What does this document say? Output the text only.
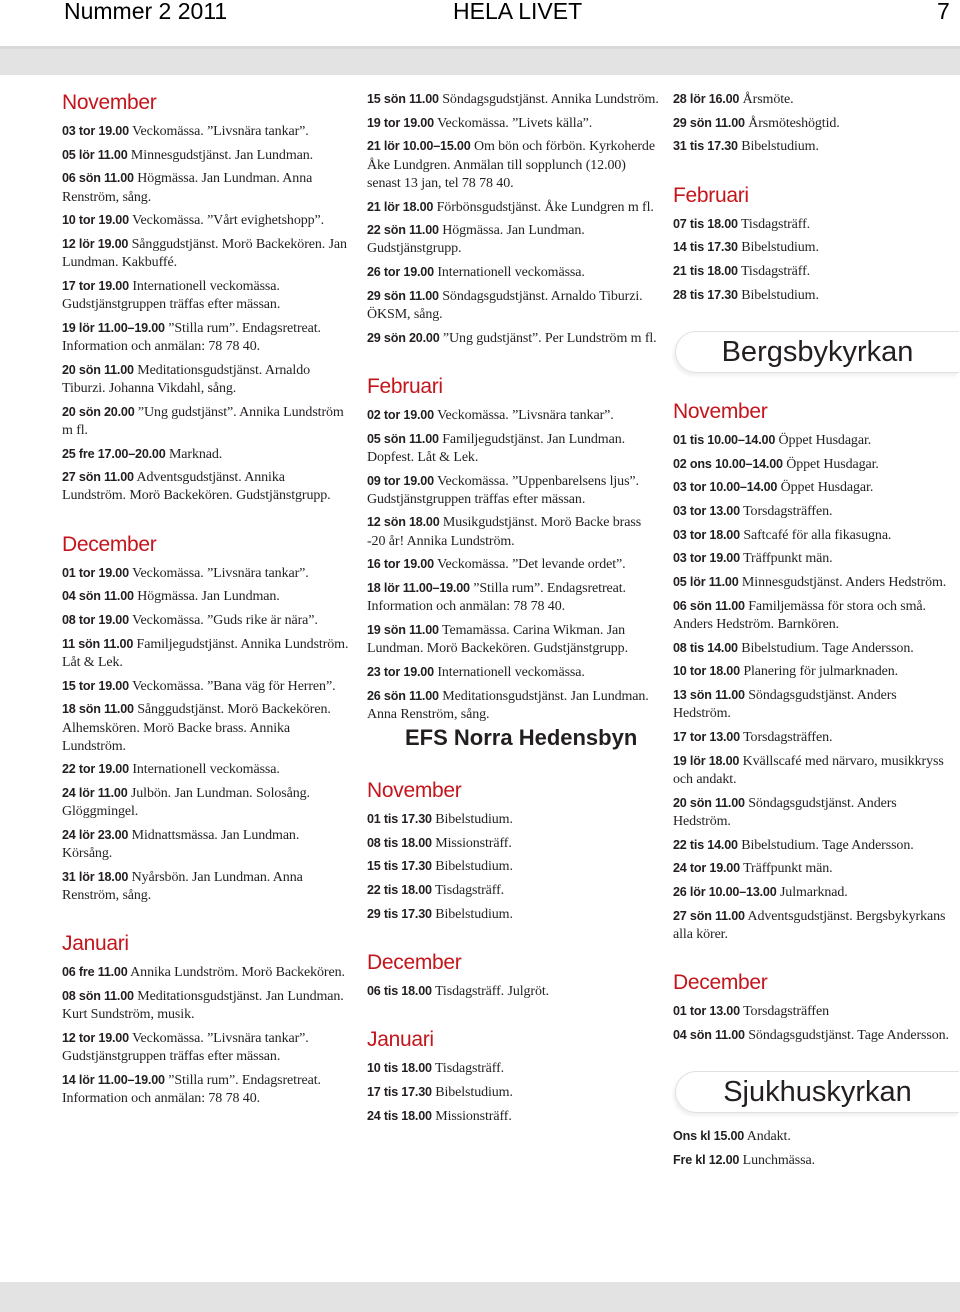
Nummer 2 2011	HELA LIVET	7
November

03 tor 19.00 Veckomässa. ”Livsnära tankar”.

05 lör 11.00 Minnesgudstjänst. Jan Lundman.

06 sön 11.00 Högmässa. Jan Lundman. Anna Renström, sång.

10 tor 19.00 Veckomässa. ”Vårt evighetshopp”.

12 lör 19.00 Sånggudstjänst. Morö Backekören. Jan Lundman. Kakbuffé.

17 tor 19.00 Internationell veckomässa. Gudstjänstgruppen träffas efter mässan.

19 lör 11.00–19.00 ”Stilla rum”. Endagsretreat. Information och anmälan: 78 78 40.

20 sön 11.00 Meditationsgudstjänst. Arnaldo Tiburzi. Johanna Vikdahl, sång.

20 sön 20.00 ”Ung gudstjänst”. Annika Lundström m fl.

25 fre 17.00–20.00 Marknad.

27 sön 11.00 Adventsgudstjänst. Annika Lundström. Morö Backekören. Gudstjänstgrupp.

December

01 tor 19.00 Veckomässa. ”Livsnära tankar”.

04 sön 11.00 Högmässa. Jan Lundman.

08 tor 19.00 Veckomässa. ”Guds rike är nära”.

11 sön 11.00 Familjegudstjänst. Annika Lundström. Låt & Lek.

15 tor 19.00 Veckomässa. ”Bana väg för Herren”.

18 sön 11.00 Sånggudstjänst. Morö Backekören. Alhemskören. Morö Backe brass. Annika Lundström.

22 tor 19.00 Internationell veckomässa.

24 lör 11.00 Julbön. Jan Lundman. Solosång. Glöggmingel.

24 lör 23.00 Midnattsmässa. Jan Lundman. Körsång.

31 lör 18.00 Nyårsbön. Jan Lundman. Anna Renström, sång.

Januari

06 fre 11.00 Annika Lundström. Morö Backekören.

08 sön 11.00 Meditationsgudstjänst. Jan Lundman. Kurt Sundström, musik.

12 tor 19.00 Veckomässa. ”Livsnära tankar”. Gudstjänstgruppen träffas efter mässan.

14 lör 11.00–19.00 ”Stilla rum”. Endagsretreat. Information och anmälan: 78 78 40.

15 sön 11.00 Söndagsgudstjänst. Annika Lundström.

19 tor 19.00 Veckomässa. ”Livets källa”.

21 lör 10.00–15.00 Om bön och förbön. Kyrkoherde Åke Lundgren. Anmälan till sopplunch (12.00) senast 13 jan, tel 78 78 40.

21 lör 18.00 Förbönsgudstjänst. Åke Lundgren m fl.

22 sön 11.00 Högmässa. Jan Lundman. Gudstjänstgrupp.

26 tor 19.00 Internationell veckomässa.

29 sön 11.00 Söndagsgudstjänst. Arnaldo Tiburzi. ÖKSM, sång.

29 sön 20.00 ”Ung gudstjänst”. Per Lundström m fl.

Februari

02 tor 19.00 Veckomässa. ”Livsnära tankar”.

05 sön 11.00 Familjegudstjänst. Jan Lundman. Dopfest. Låt & Lek.

09 tor 19.00 Veckomässa. ”Uppenbarelsens ljus”. Gudstjänstgruppen träffas efter mässan.

12 sön 18.00 Musikgudstjänst. Morö Backe brass -20 år! Annika Lundström.

16 tor 19.00 Veckomässa. ”Det levande ordet”.

18 lör 11.00–19.00 ”Stilla rum”. Endagsretreat. Information och anmälan: 78 78 40.

19 sön 11.00 Temamässa. Carina Wikman. Jan Lundman. Morö Backekören. Gudstjänstgrupp.

23 tor 19.00 Internationell veckomässa.

26 sön 11.00 Meditationsgudstjänst. Jan Lundman. Anna Renström, sång.

EFS Norra Hedensbyn
November

01 tis 17.30 Bibelstudium.

08 tis 18.00 Missionsträff.

15 tis 17.30 Bibelstudium.

22 tis 18.00 Tisdagsträff.

29 tis 17.30 Bibelstudium.

December

06 tis 18.00 Tisdagsträff. Julgröt.

Januari

10 tis 18.00 Tisdagsträff.

17 tis 17.30 Bibelstudium.

24 tis 18.00 Missionsträff.

28 lör 16.00 Årsmöte.

29 sön 11.00 Årsmöteshögtid.

31 tis 17.30 Bibelstudium.

Februari

07 tis 18.00 Tisdagsträff.

14 tis 17.30 Bibelstudium.

21 tis 18.00 Tisdagsträff.

28 tis 17.30 Bibelstudium.

Bergsbykyrkan
November

01 tis 10.00–14.00 Öppet Husdagar.

02 ons 10.00–14.00 Öppet Husdagar.

03 tor 10.00–14.00 Öppet Husdagar.

03 tor 13.00 Torsdagsträffen.

03 tor 18.00 Saftcafé för alla fikasugna.

03 tor 19.00 Träffpunkt män.

05 lör 11.00 Minnesgudstjänst. Anders Hedström.

06 sön 11.00 Familjemässa för stora och små. Anders Hedström. Barnkören.

08 tis 14.00 Bibelstudium. Tage Andersson.

10 tor 18.00 Planering för julmarknaden.

13 sön 11.00 Söndagsgudstjänst. Anders Hedström.

17 tor 13.00 Torsdagsträffen.

19 lör 18.00 Kvällscafé med närvaro, musikkryss och andakt.

20 sön 11.00 Söndagsgudstjänst. Anders Hedström.

22 tis 14.00 Bibelstudium. Tage Andersson.

24 tor 19.00 Träffpunkt män.

26 lör 10.00–13.00 Julmarknad.

27 sön 11.00 Adventsgudstjänst. Bergsbykyrkans alla körer.

December

01 tor 13.00 Torsdagsträffen

04 sön 11.00 Söndagsgudstjänst. Tage Andersson.

Sjukhuskyrkan

Ons kl 15.00 Andakt.

Fre kl 12.00 Lunchmässa.
